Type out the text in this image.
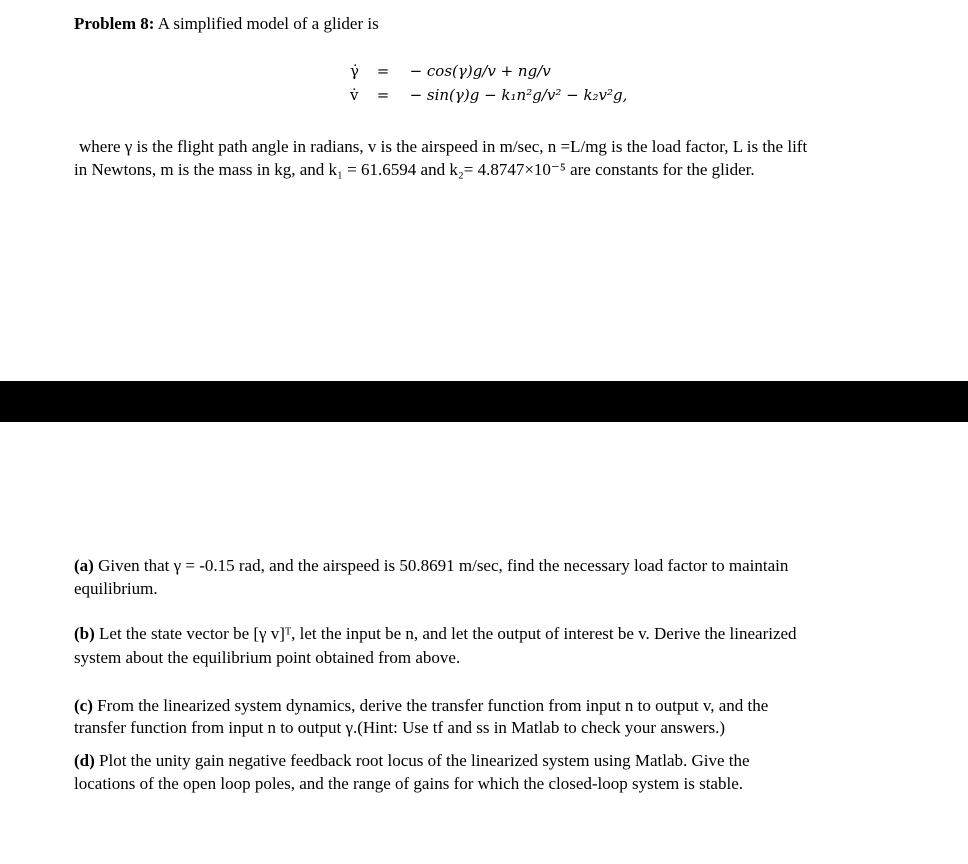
Problem 8: A simplified model of a glider is
γ̇ = − cos(γ)g/v + ng/v
v̇ = − sin(γ)g − k₁n²g/v² − k₂v²g,
where γ is the flight path angle in radians, v is the airspeed in m/sec, n =L/mg is the load factor, L is the lift
in Newtons, m is the mass in kg, and k₁ = 61.6594 and k₂= 4.8747×10⁻⁵ are constants for the glider.
(a) Given that γ = -0.15 rad, and the airspeed is 50.8691 m/sec, find the necessary load factor to maintain
equilibrium.
(b) Let the state vector be [γ v]ᵀ, let the input be n, and let the output of interest be v. Derive the linearized
system about the equilibrium point obtained from above.
(c) From the linearized system dynamics, derive the transfer function from input n to output v, and the
transfer function from input n to output γ.(Hint: Use tf and ss in Matlab to check your answers.)
(d) Plot the unity gain negative feedback root locus of the linearized system using Matlab. Give the
locations of the open loop poles, and the range of gains for which the closed-loop system is stable.
